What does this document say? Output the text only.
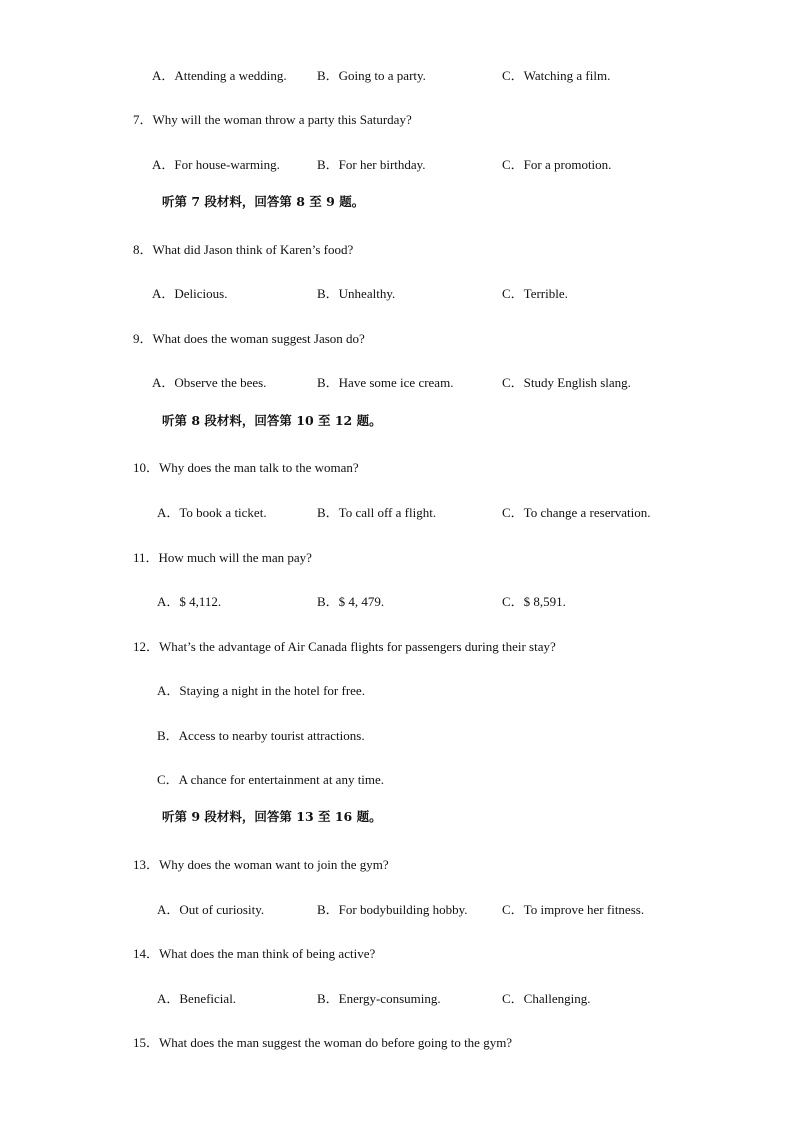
A．Attending a wedding. B．Going to a party.	C．Watching a film.
7．Why will the woman throw a party this Saturday?
A．For house-warming.	B．For her birthday.	C．For a promotion.
听第 7 段材料，回答第 8 至 9 题。
8．What did Jason think of Karen’s food?
A．Delicious.	B．Unhealthy.	C．Terrible.
9．What does the woman suggest Jason do?
A．Observe the bees.	B．Have some ice cream.	C．Study English slang.
听第 8 段材料，回答第 10 至 12 题。
10．Why does the man talk to the woman?
A．To book a ticket.	B．To call off a flight.	C．To change a reservation.
11．How much will the man pay?
A．$ 4,112.	B．$ 4, 479.	C．$ 8,591.
12．What’s the advantage of Air Canada flights for passengers during their stay?
A．Staying a night in the hotel for free.
B．Access to nearby tourist attractions.
C．A chance for entertainment at any time.
听第 9 段材料，回答第 13 至 16 题。
13．Why does the woman want to join the gym?
A．Out of curiosity.	B．For bodybuilding hobby.	C．To improve her fitness.
14．What does the man think of being active?
A．Beneficial.	B．Energy-consuming.	C．Challenging.
15．What does the man suggest the woman do before going to the gym?
